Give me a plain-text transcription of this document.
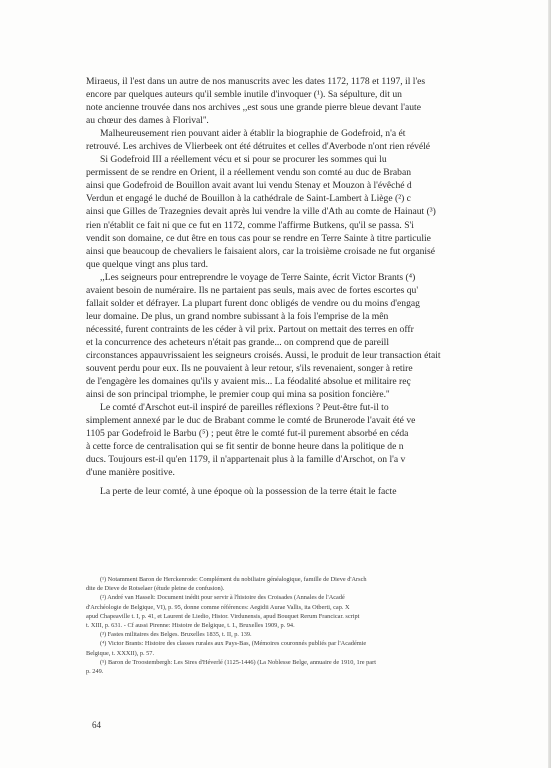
Miraeus, il l'est dans un autre de nos manuscrits avec les dates 1172, 1178 et 1197, il l'es
encore par quelques auteurs qu'il semble inutile d'invoquer (¹). Sa sépulture, dit un
note ancienne trouvée dans nos archives ,,est sous une grande pierre bleue devant l'aute
au chœur des dames à Florival''.
Malheureusement rien pouvant aider à établir la biographie de Godefroid, n'a ét
retrouvé. Les archives de Vlierbeek ont été détruites et celles d'Averbode n'ont rien révélé
Si Godefroid III a réellement vécu et si pour se procurer les sommes qui lu
permissent de se rendre en Orient, il a réellement vendu son comté au duc de Braban
ainsi que Godefroid de Bouillon avait avant lui vendu Stenay et Mouzon à l'évêché d
Verdun et engagé le duché de Bouillon à la cathédrale de Saint-Lambert à Liège (²) c
ainsi que Gilles de Trazegnies devait après lui vendre la ville d'Ath au comte de Hainaut (³)
rien n'établit ce fait ni que ce fut en 1172, comme l'affirme Butkens, qu'il se passa. S'i
vendit son domaine, ce dut être en tous cas pour se rendre en Terre Sainte à titre particulie
ainsi que beaucoup de chevaliers le faisaient alors, car la troisième croisade ne fut organisé
que quelque vingt ans plus tard.
,,Les seigneurs pour entreprendre le voyage de Terre Sainte, écrit Victor Brants (⁴)
avaient besoin de numéraire. Ils ne partaient pas seuls, mais avec de fortes escortes qu'
fallait solder et défrayer. La plupart furent donc obligés de vendre ou du moins d'engag
leur domaine. De plus, un grand nombre subissant à la fois l'emprise de la mên
nécessité, furent contraints de les céder à vil prix. Partout on mettait des terres en offr
et la concurrence des acheteurs n'était pas grande... on comprend que de pareill
circonstances appauvrissaient les seigneurs croisés. Aussi, le produit de leur transaction était
souvent perdu pour eux. Ils ne pouvaient à leur retour, s'ils revenaient, songer à retire
de l'engagère les domaines qu'ils y avaient mis... La féodalité absolue et militaire reç
ainsi de son principal triomphe, le premier coup qui mina sa position foncière.''
Le comté d'Arschot eut-il inspiré de pareilles réflexions ? Peut-être fut-il to
simplement annexé par le duc de Brabant comme le comté de Brunerode l'avait été ve
1105 par Godefroid le Barbu (⁵) ; peut être le comté fut-il purement absorbé en céda
à cette force de centralisation qui se fit sentir de bonne heure dans la politique de n
ducs. Toujours est-il qu'en 1179, il n'appartenait plus à la famille d'Arschot, on l'a v
d'une manière positive.
La perte de leur comté, à une époque où la possession de la terre était le facte
(¹) Notamment Baron de Herckenrode: Complément du nobiliaire généalogique, famille de Dieve d'Arsch
dite de Dieve de Rotselaer (étude pleine de confusion).
(²) André van Hasselt: Document inédit pour servir à l'histoire des Croisades (Annales de l'Acadé
d'Archéologie de Belgique, VI), p. 95, donne comme références: Aegidii Aurae Vallis, ita Otberti, cap. X
apud Chapeaville t. I, p. 41, et Laurent de Liedio, Histor. Virdunensis, apud Bouquet Rerum Francicar. script
t. XIII, p. 631. - Cf aussi Pirenne: Histoire de Belgique, t. I., Bruxelles 1909, p. 94.
(³) Fastes militaires des Belges. Bruxelles 1835, t. II, p. 139.
(⁴) Victor Brants: Histoire des classes rurales aux Pays-Bas, (Mémoires couronnés publiés par l'Académie
Belgique, t. XXXII), p. 57.
(⁵) Baron de Troostembergh: Les Sires d'Héverlé (1125-1446) (La Noblesse Belge, annuaire de 1910, 1re part
p. 249.
64
